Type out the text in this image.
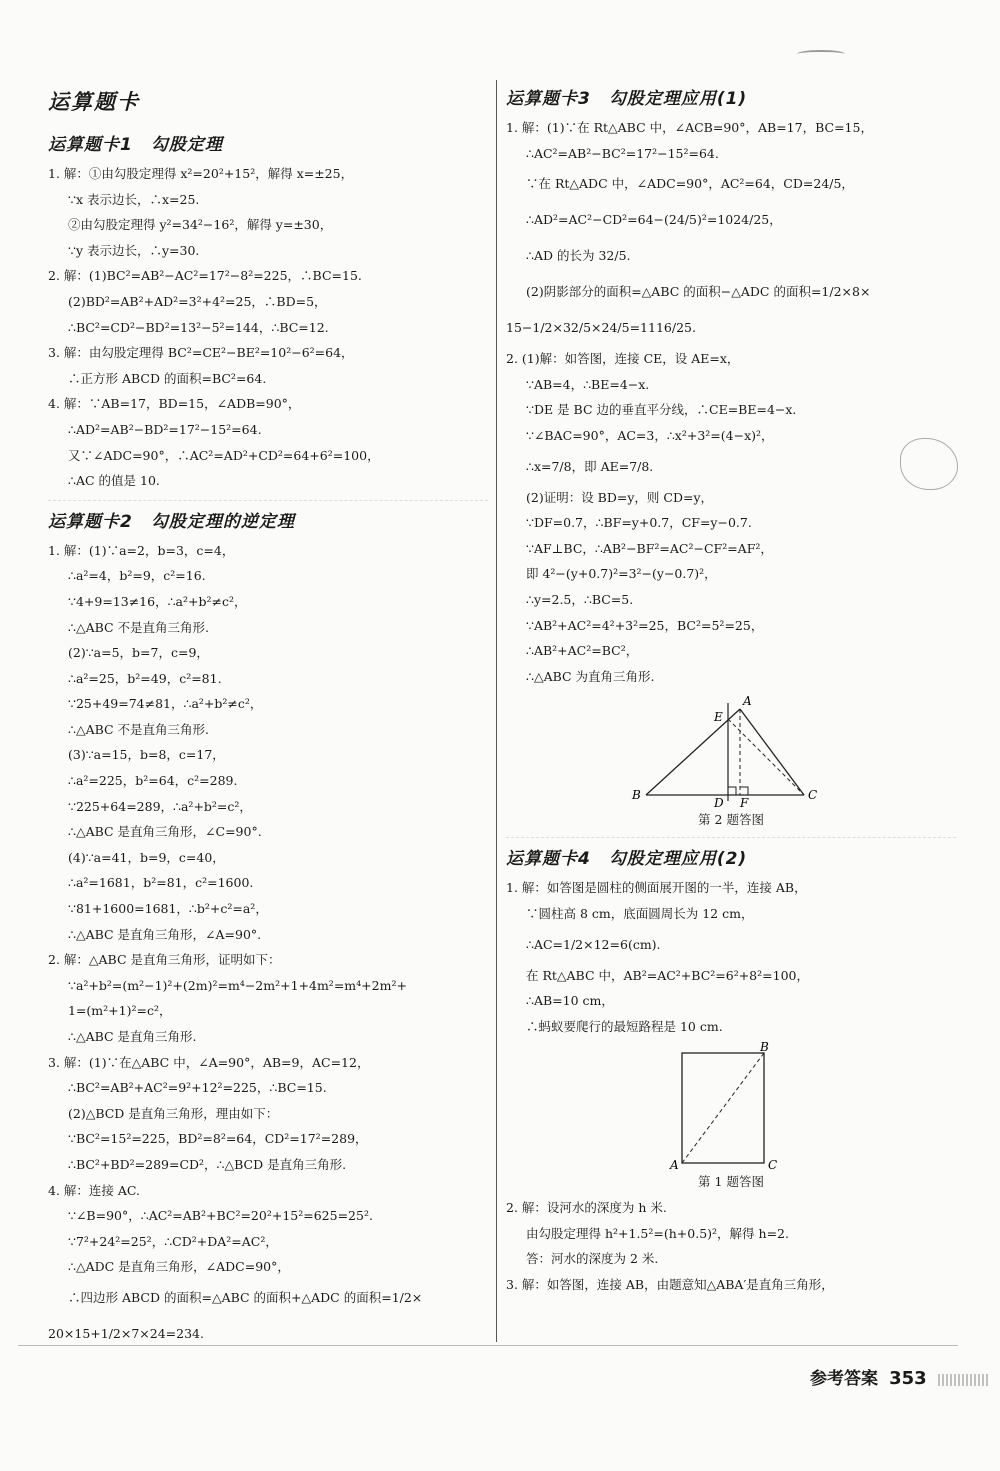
运算题卡
运算题卡1　勾股定理
1. 解：①由勾股定理得 x²=20²+15²，解得 x=±25，
∵x 表示边长，∴x=25.
②由勾股定理得 y²=34²−16²，解得 y=±30，
∵y 表示边长，∴y=30.
2. 解：(1)BC²=AB²−AC²=17²−8²=225，∴BC=15.
(2)BD²=AB²+AD²=3²+4²=25，∴BD=5，
∴BC²=CD²−BD²=13²−5²=144，∴BC=12.
3. 解：由勾股定理得 BC²=CE²−BE²=10²−6²=64，
∴正方形 ABCD 的面积=BC²=64.
4. 解：∵AB=17，BD=15，∠ADB=90°，
∴AD²=AB²−BD²=17²−15²=64.
又∵∠ADC=90°，∴AC²=AD²+CD²=64+6²=100，
∴AC 的值是 10.
运算题卡2　勾股定理的逆定理
1. 解：(1)∵a=2，b=3，c=4，
∴a²=4，b²=9，c²=16.
∵4+9=13≠16，∴a²+b²≠c²，
∴△ABC 不是直角三角形.
(2)∵a=5，b=7，c=9，
∴a²=25，b²=49，c²=81.
∵25+49=74≠81，∴a²+b²≠c²，
∴△ABC 不是直角三角形.
(3)∵a=15，b=8，c=17，
∴a²=225，b²=64，c²=289.
∵225+64=289，∴a²+b²=c²，
∴△ABC 是直角三角形，∠C=90°.
(4)∵a=41，b=9，c=40，
∴a²=1681，b²=81，c²=1600.
∵81+1600=1681，∴b²+c²=a²，
∴△ABC 是直角三角形，∠A=90°.
2. 解：△ABC 是直角三角形，证明如下：
∵a²+b²=(m²−1)²+(2m)²=m⁴−2m²+1+4m²=m⁴+2m²+
1=(m²+1)²=c²，
∴△ABC 是直角三角形.
3. 解：(1)∵在△ABC 中，∠A=90°，AB=9，AC=12，
∴BC²=AB²+AC²=9²+12²=225，∴BC=15.
(2)△BCD 是直角三角形，理由如下：
∵BC²=15²=225，BD²=8²=64，CD²=17²=289，
∴BC²+BD²=289=CD²，∴△BCD 是直角三角形.
4. 解：连接 AC.
∵∠B=90°，∴AC²=AB²+BC²=20²+15²=625=25².
∵7²+24²=25²，∴CD²+DA²=AC²，
∴△ADC 是直角三角形，∠ADC=90°，
∴四边形 ABCD 的面积=△ABC 的面积+△ADC 的面积=1/2×
20×15+1/2×7×24=234.
运算题卡3　勾股定理应用(1)
1. 解：(1)∵在 Rt△ABC 中，∠ACB=90°，AB=17，BC=15，
∴AC²=AB²−BC²=17²−15²=64.
∵在 Rt△ADC 中，∠ADC=90°，AC²=64，CD=24/5，
∴AD²=AC²−CD²=64−(24/5)²=1024/25，
∴AD 的长为 32/5.
(2)阴影部分的面积=△ABC 的面积−△ADC 的面积=1/2×8×
15−1/2×32/5×24/5=1116/25.
2. (1)解：如答图，连接 CE，设 AE=x，
∵AB=4，∴BE=4−x.
∵DE 是 BC 边的垂直平分线，∴CE=BE=4−x.
∵∠BAC=90°，AC=3，∴x²+3²=(4−x)²，
∴x=7/8，即 AE=7/8.
(2)证明：设 BD=y，则 CD=y，
∵DF=0.7，∴BF=y+0.7，CF=y−0.7.
∵AF⊥BC，∴AB²−BF²=AC²−CF²=AF²，
即 4²−(y+0.7)²=3²−(y−0.7)²，
∴y=2.5，∴BC=5.
∵AB²+AC²=4²+3²=25，BC²=5²=25，
∴AB²+AC²=BC²，
∴△ABC 为直角三角形.
A
E
B
D F
C
第 2 题答图
运算题卡4　勾股定理应用(2)
1. 解：如答图是圆柱的侧面展开图的一半，连接 AB，
∵圆柱高 8 cm，底面圆周长为 12 cm，
∴AC=1/2×12=6(cm).
在 Rt△ABC 中，AB²=AC²+BC²=6²+8²=100，
∴AB=10 cm，
∴蚂蚁要爬行的最短路程是 10 cm.
B
A	C
第 1 题答图
2. 解：设河水的深度为 h 米.
由勾股定理得 h²+1.5²=(h+0.5)²，解得 h=2.
答：河水的深度为 2 米.
3. 解：如答图，连接 AB，由题意知△ABA′是直角三角形，
参考答案 353
